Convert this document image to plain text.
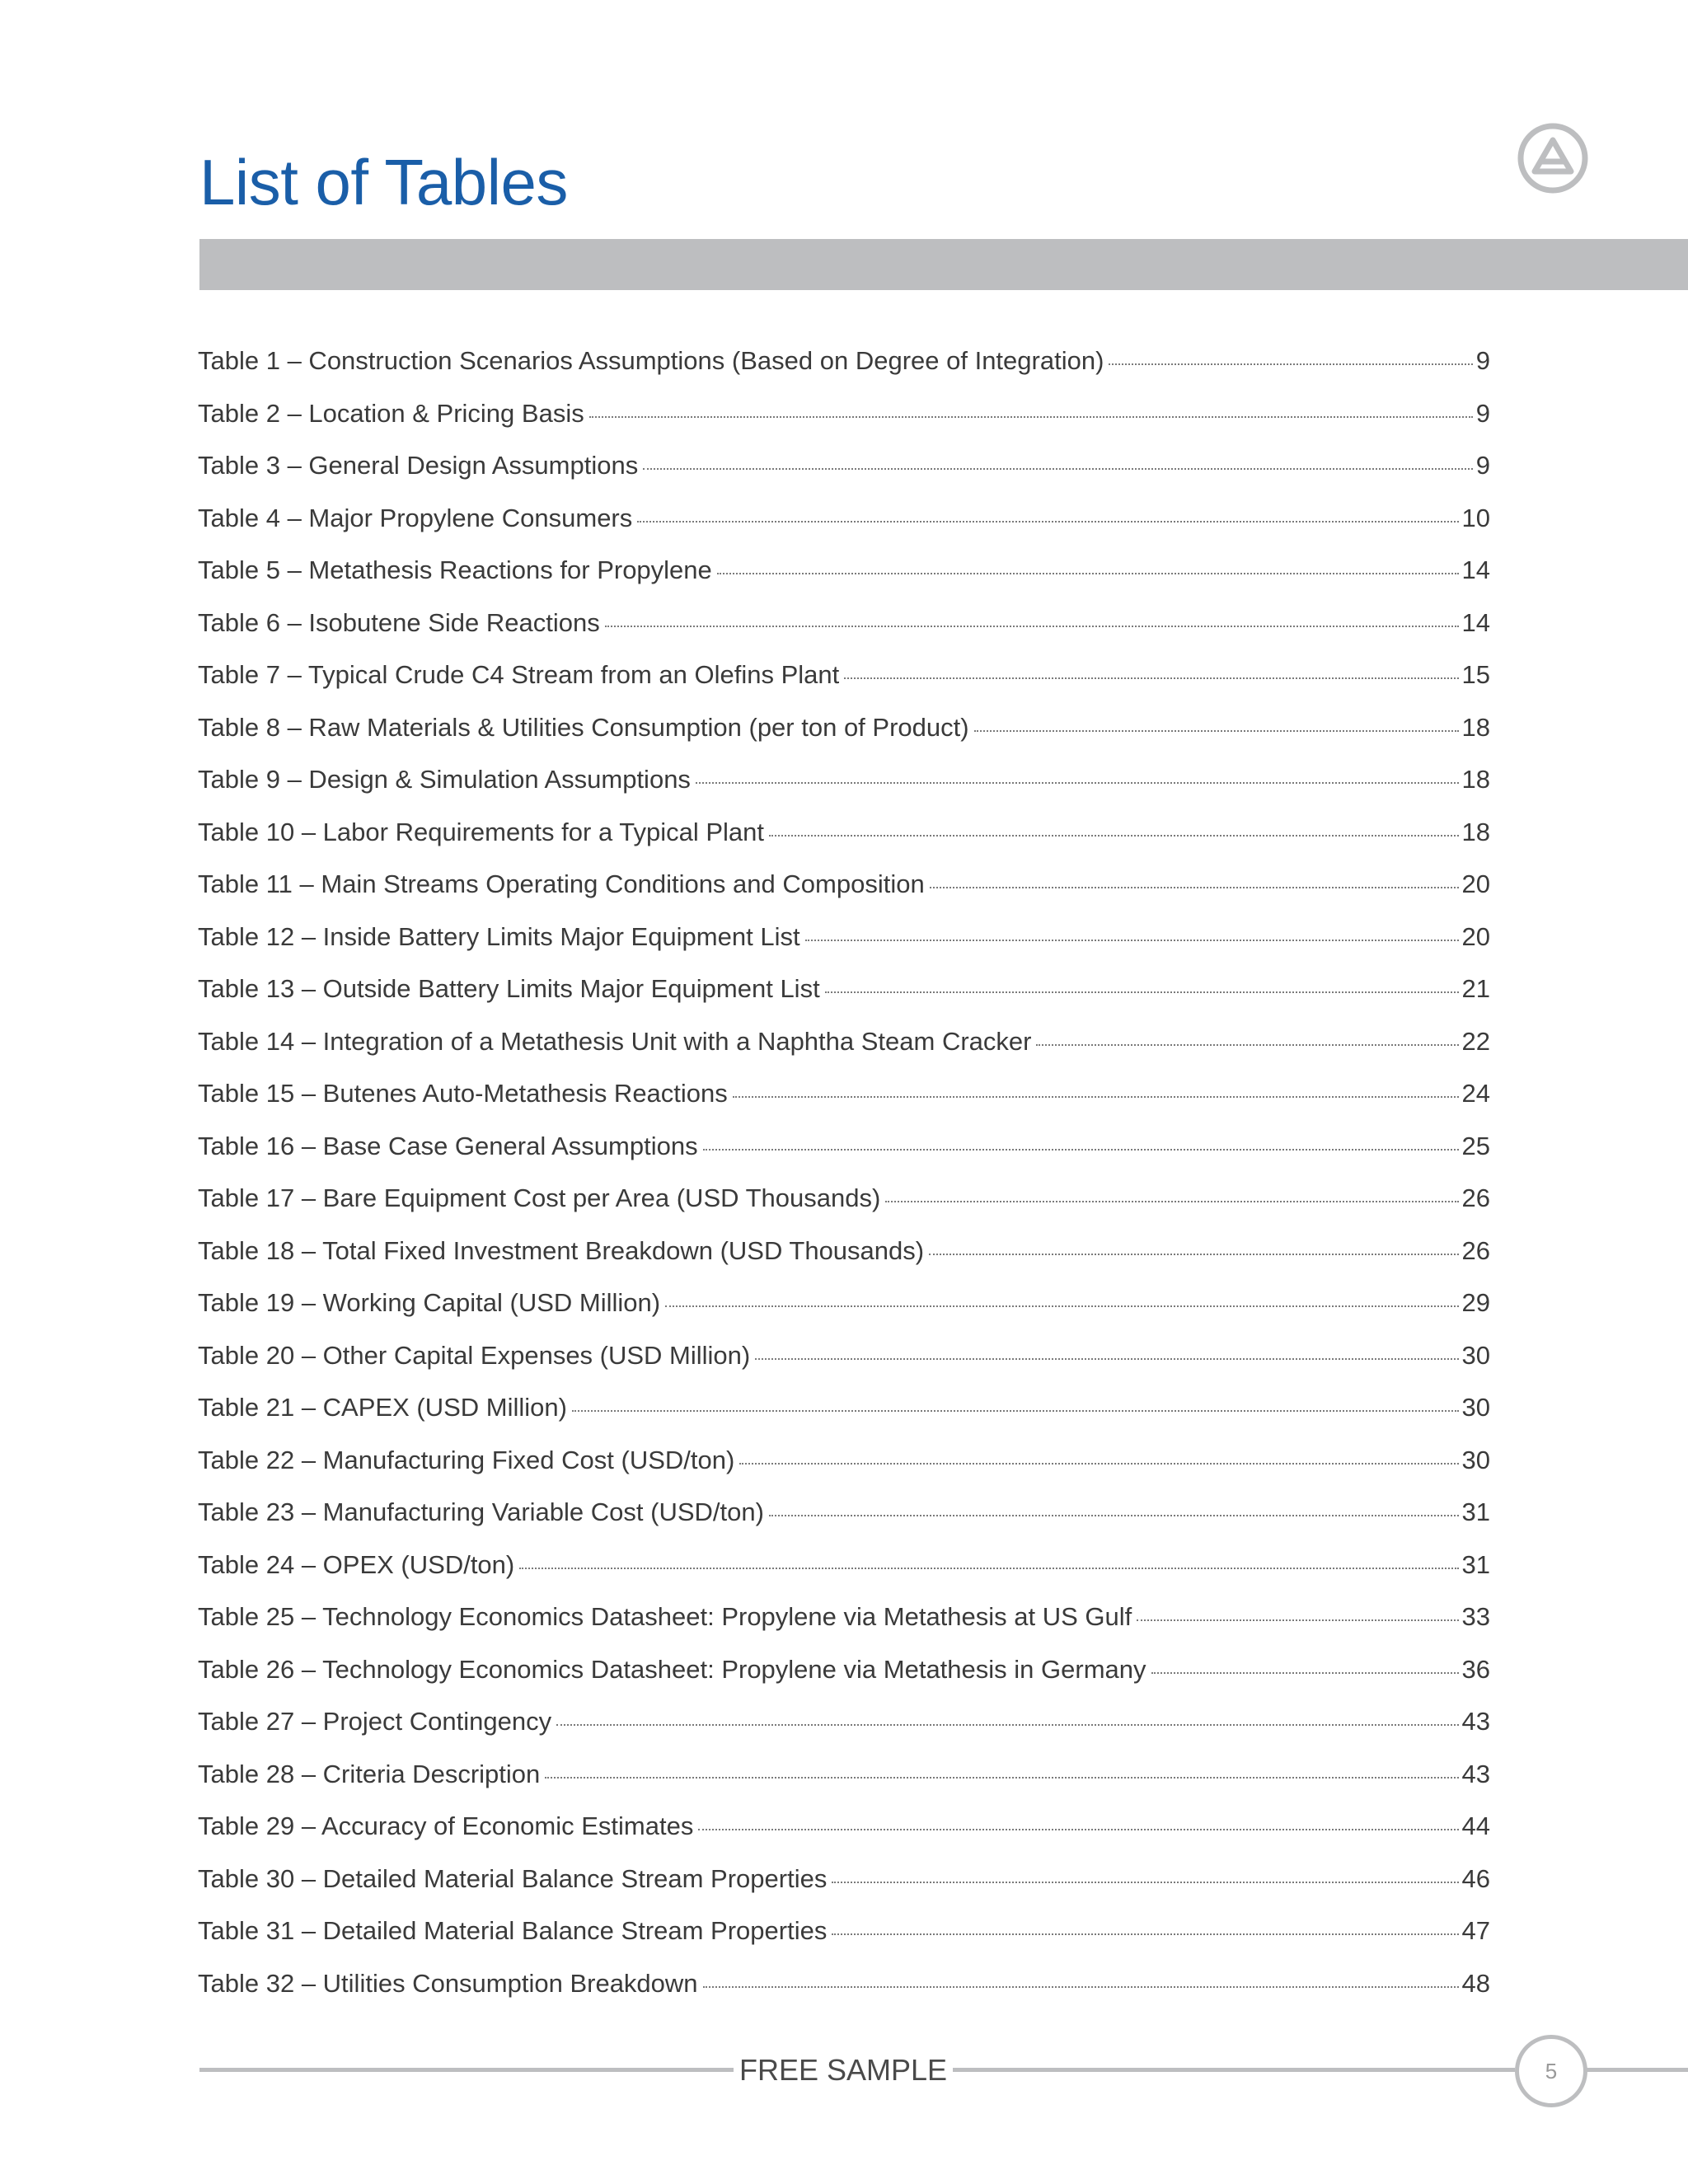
List of Tables
Table 1 – Construction Scenarios Assumptions (Based on Degree of Integration)	9
Table 2 – Location & Pricing Basis	9
Table 3 – General Design Assumptions	9
Table 4 – Major Propylene Consumers	10
Table 5 – Metathesis Reactions for Propylene	14
Table 6 – Isobutene Side Reactions	14
Table 7 – Typical Crude C4 Stream from an Olefins Plant	15
Table 8 – Raw Materials & Utilities Consumption (per ton of Product)	18
Table 9 – Design & Simulation Assumptions	18
Table 10 – Labor Requirements for a Typical Plant	18
Table 11 – Main Streams Operating Conditions and Composition	20
Table 12 – Inside Battery Limits Major Equipment List	20
Table 13 – Outside Battery Limits Major Equipment List	21
Table 14 – Integration of a Metathesis Unit with a Naphtha Steam Cracker	22
Table 15 – Butenes Auto-Metathesis Reactions	24
Table 16 – Base Case General Assumptions	25
Table 17 – Bare Equipment Cost per Area (USD Thousands)	26
Table 18 – Total Fixed Investment Breakdown (USD Thousands)	26
Table 19 – Working Capital (USD Million)	29
Table 20 – Other Capital Expenses (USD Million)	30
Table 21 – CAPEX (USD Million)	30
Table 22 – Manufacturing Fixed Cost (USD/ton)	30
Table 23 – Manufacturing Variable Cost (USD/ton)	31
Table 24 – OPEX (USD/ton)	31
Table 25 – Technology Economics Datasheet: Propylene via Metathesis at US Gulf	33
Table 26 – Technology Economics Datasheet: Propylene via Metathesis in Germany	36
Table 27 – Project Contingency	43
Table 28 – Criteria Description	43
Table 29 – Accuracy of Economic Estimates	44
Table 30 – Detailed Material Balance Stream Properties	46
Table 31 – Detailed Material Balance Stream Properties	47
Table 32 – Utilities Consumption Breakdown	48
FREE SAMPLE	5
